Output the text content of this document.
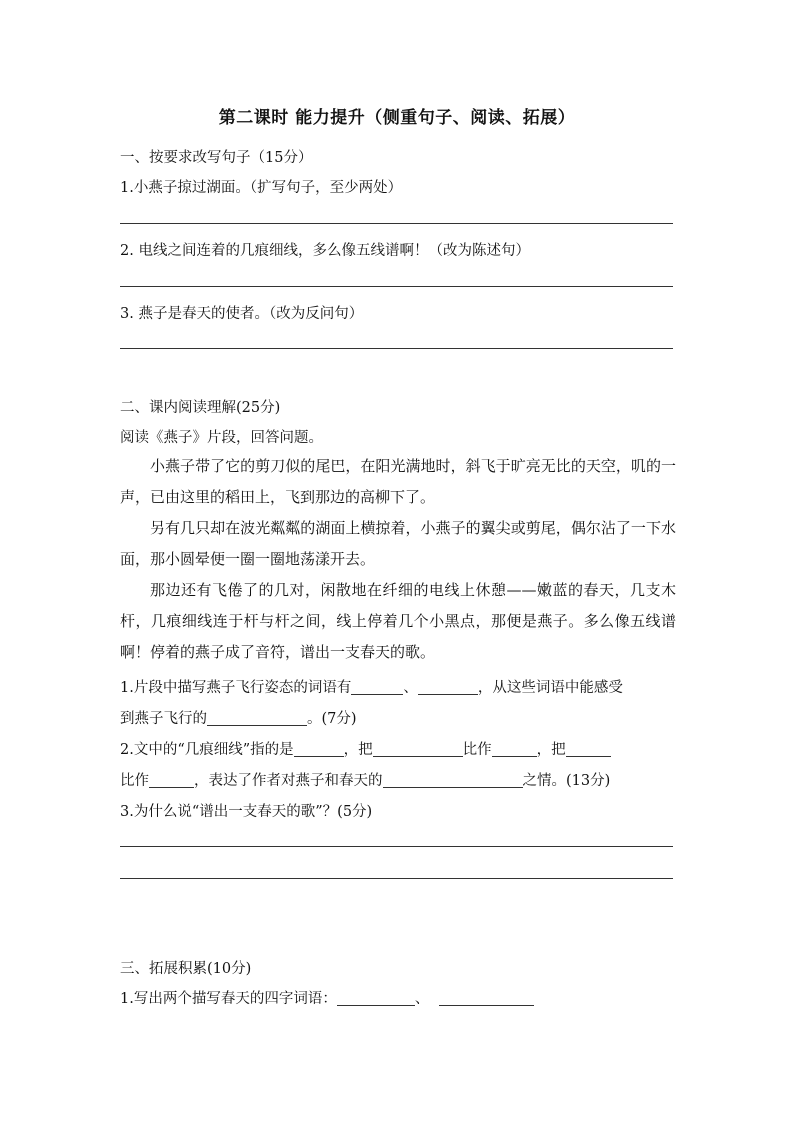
第二课时 能力提升（侧重句子、阅读、拓展）
一、按要求改写句子（15分）
1.小燕子掠过湖面。（扩写句子，至少两处）
2. 电线之间连着的几痕细线，多么像五线谱啊！（改为陈述句）
3. 燕子是春天的使者。（改为反问句）
二、课内阅读理解(25分)
阅读《燕子》片段，回答问题。

小燕子带了它的剪刀似的尾巴，在阳光满地时，斜飞于旷亮无比的天空，叽的一声，已由这里的稻田上，飞到那边的高柳下了。

另有几只却在波光粼粼的湖面上横掠着，小燕子的翼尖或剪尾，偶尔沾了一下水面，那小圆晕便一圈一圈地荡漾开去。

那边还有飞倦了的几对，闲散地在纤细的电线上休憩——嫩蓝的春天，几支木杆，几痕细线连于杆与杆之间，线上停着几个小黑点，那便是燕子。多么像五线谱啊！停着的燕子成了音符，谱出一支春天的歌。

1.片段中描写燕子飞行姿态的词语有	、	，从这些词语中能感受
到燕子飞行的	。(7分)
2.文中的“几痕细线”指的是	，把	比作	，把
比作	，表达了作者对燕子和春天的	之情。(13分)
3.为什么说“谱出一支春天的歌”？(5分)
三、拓展积累(10分)
1.写出两个描写春天的四字词语：	、
